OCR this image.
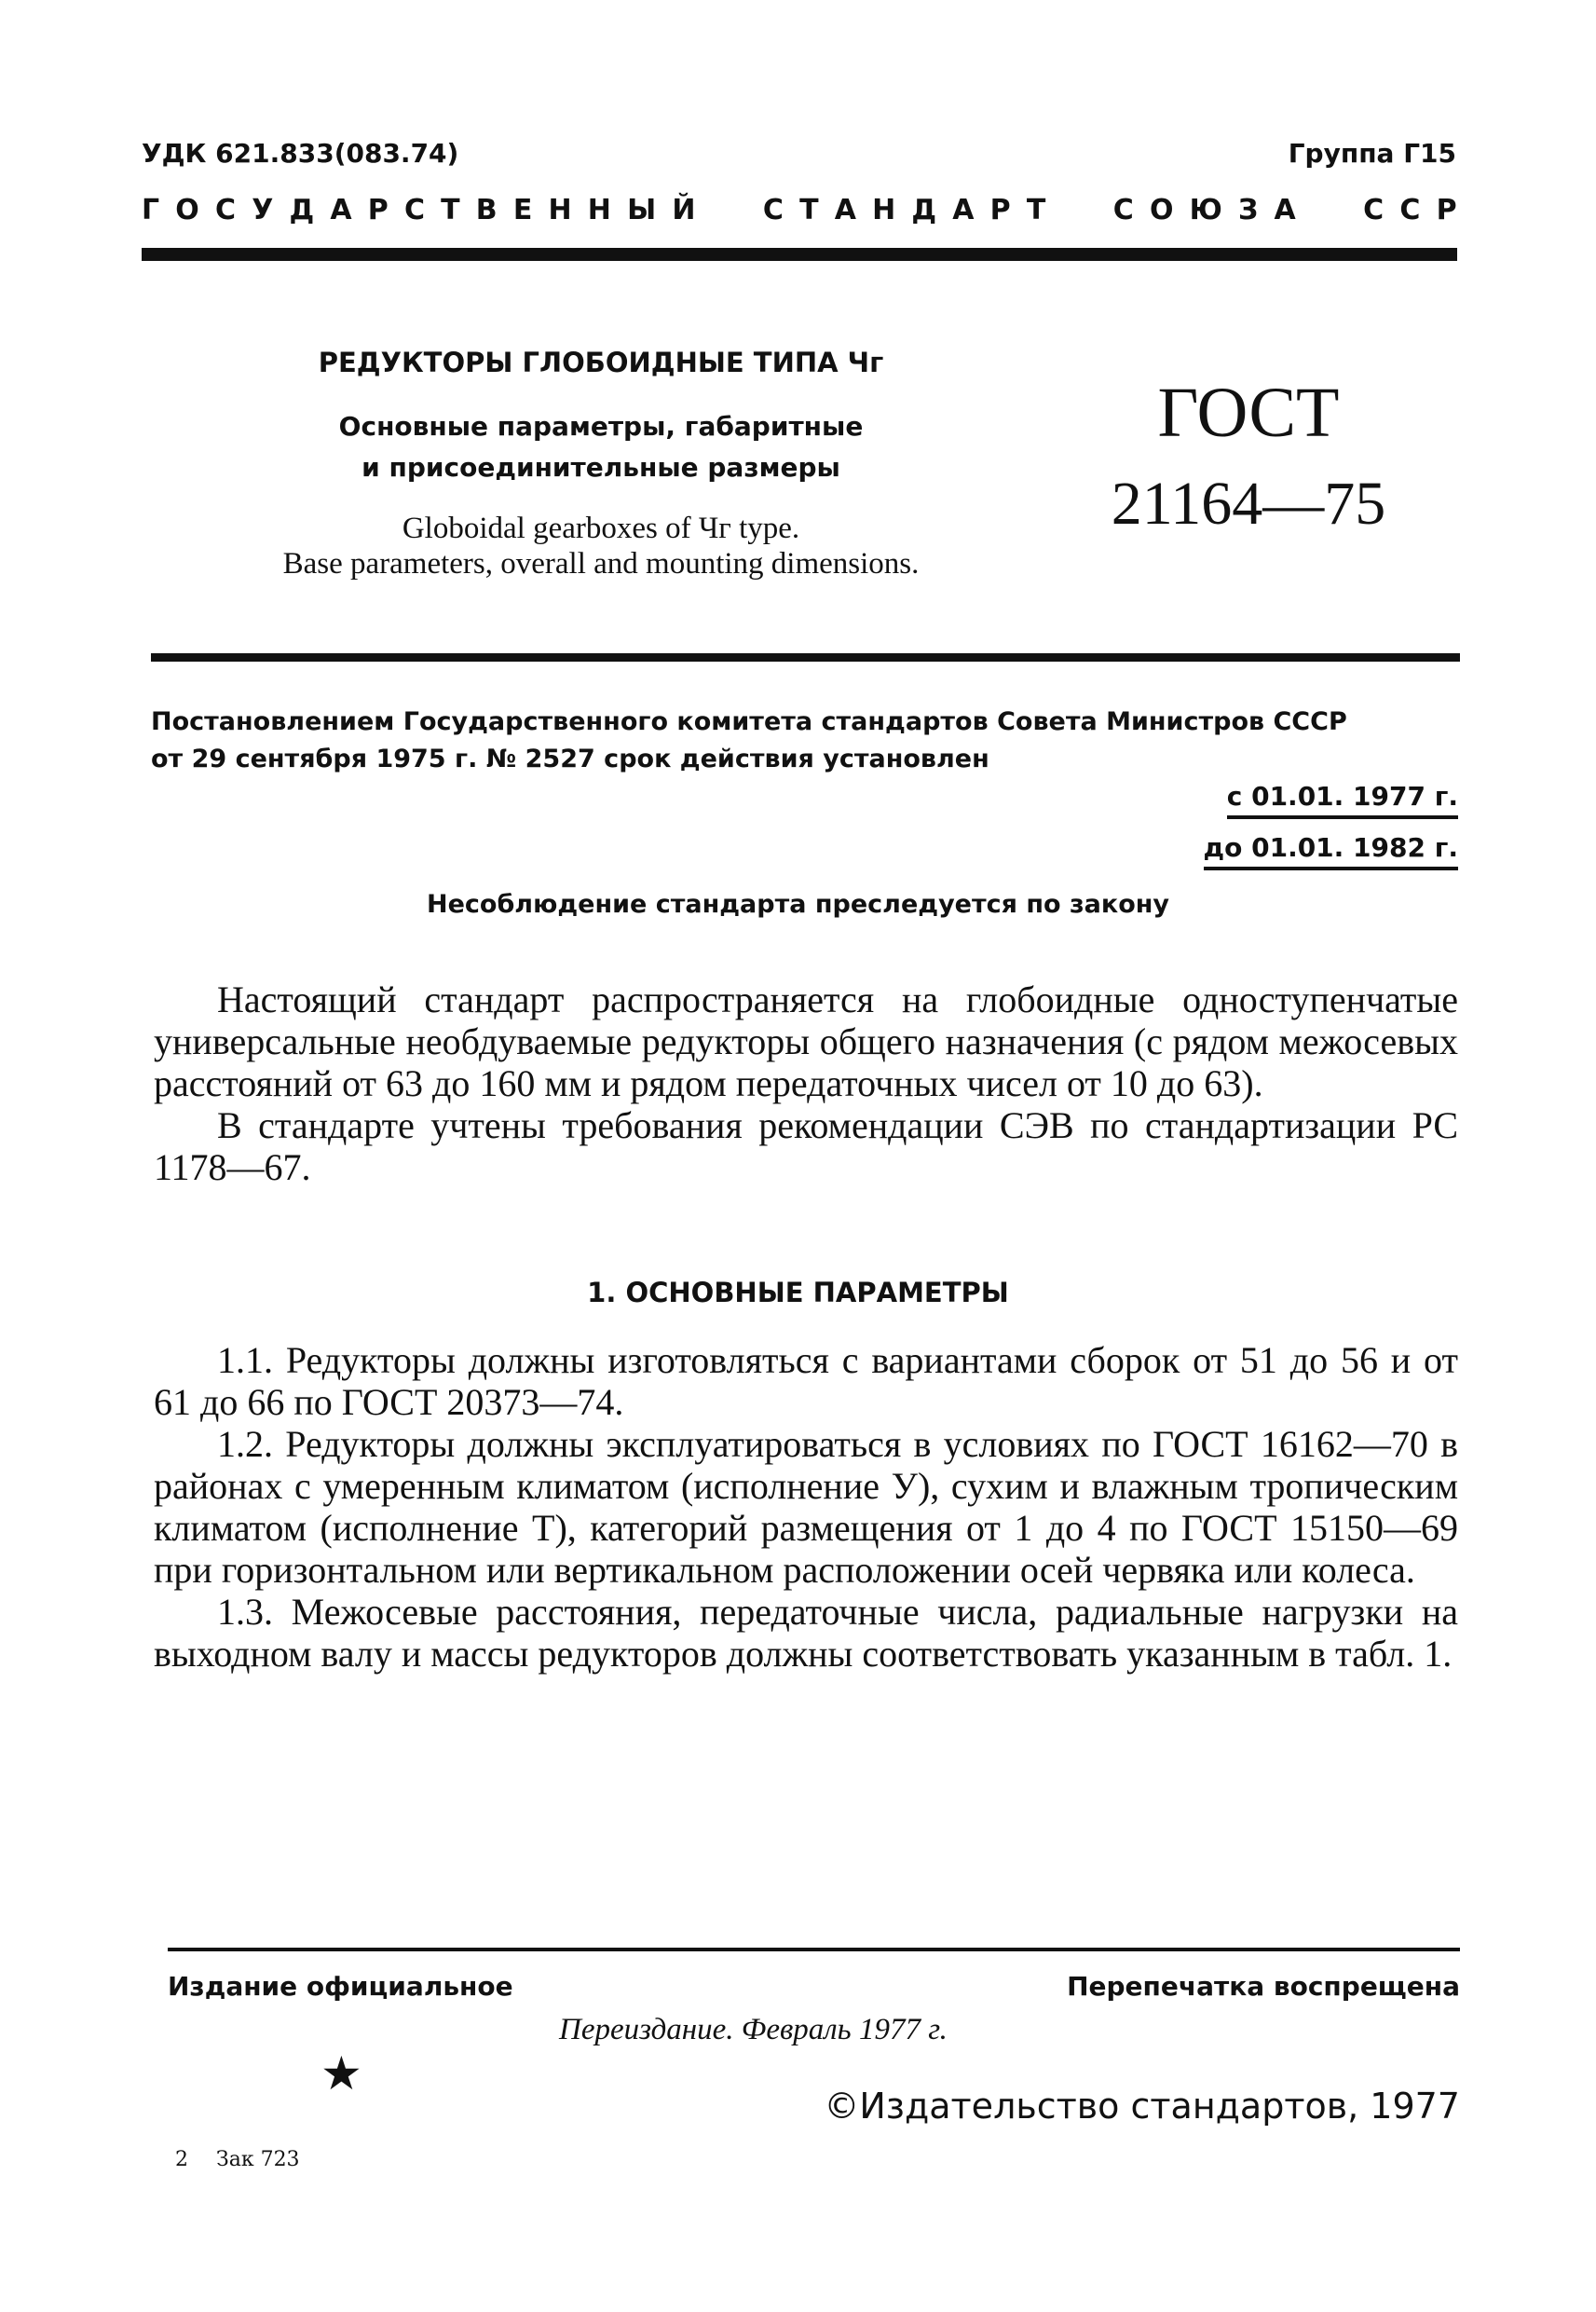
УДК 621.833(083.74)	Группа Г15
Г О С У Д А Р С Т В Е Н Н Ы Й

С Т А Н Д А Р Т

С О Ю З А

С С Р
РЕДУКТОРЫ ГЛОБОИДНЫЕ ТИПА Чг
Основные параметры, габаритные
и присоединительные размеры
Globoidal gearboxes of Чг type.
Base parameters, overall and mounting dimensions.
ГОСТ
21164—75
Постановлением Государственного комитета стандартов Совета Министров СССР
от 29 сентября 1975 г. № 2527 срок действия установлен
с 01.01. 1977 г.
до 01.01. 1982 г.
Несоблюдение стандарта преследуется по закону

Настоящий стандарт распространяется на глобоидные одноступенчатые универсальные необдуваемые редукторы общего назначения (с рядом межосевых расстояний от 63 до 160 мм и рядом передаточных чисел от 10 до 63).

В стандарте учтены требования рекомендации СЭВ по стандартизации РС 1178—67.

1. ОСНОВНЫЕ ПАРАМЕТРЫ

1.1. Редукторы должны изготовляться с вариантами сборок от 51 до 56 и от 61 до 66 по ГОСТ 20373—74.

1.2. Редукторы должны эксплуатироваться в условиях по ГОСТ 16162—70 в районах с умеренным климатом (исполнение У), сухим и влажным тропическим климатом (исполнение Т), категорий размещения от 1 до 4 по ГОСТ 15150—69 при горизонтальном или вертикальном расположении осей червяка или колеса.

1.3. Межосевые расстояния, передаточные числа, радиальные нагрузки на выходном валу и массы редукторов должны соответствовать указанным в табл. 1.

Издание официальное	Перепечатка воспрещена
Переиздание. Февраль 1977 г.
★
©Издательство стандартов, 1977
2 Зак 723
